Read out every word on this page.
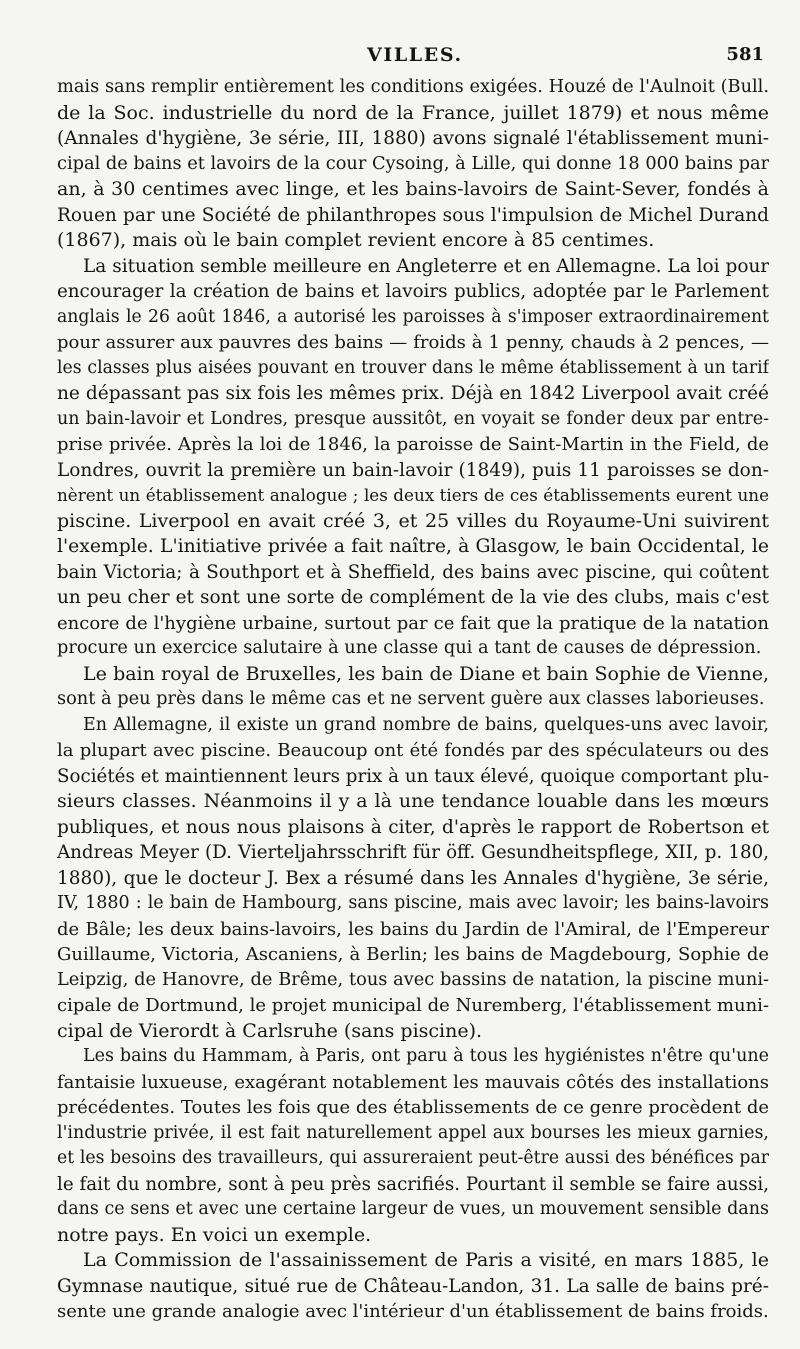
VILLES.	581
mais sans remplir entièrement les conditions exigées. Houzé de l'Aulnoit (Bull.
de la Soc. industrielle du nord de la France, juillet 1879) et nous même
(Annales d'hygiène, 3e série, III, 1880) avons signalé l'établissement muni-
cipal de bains et lavoirs de la cour Cysoing, à Lille, qui donne 18 000 bains par
an, à 30 centimes avec linge, et les bains-lavoirs de Saint-Sever, fondés à
Rouen par une Société de philanthropes sous l'impulsion de Michel Durand
(1867), mais où le bain complet revient encore à 85 centimes.
La situation semble meilleure en Angleterre et en Allemagne. La loi pour
encourager la création de bains et lavoirs publics, adoptée par le Parlement
anglais le 26 août 1846, a autorisé les paroisses à s'imposer extraordinairement
pour assurer aux pauvres des bains — froids à 1 penny, chauds à 2 pences, —
les classes plus aisées pouvant en trouver dans le même établissement à un tarif
ne dépassant pas six fois les mêmes prix. Déjà en 1842 Liverpool avait créé
un bain-lavoir et Londres, presque aussitôt, en voyait se fonder deux par entre-
prise privée. Après la loi de 1846, la paroisse de Saint-Martin in the Field, de
Londres, ouvrit la première un bain-lavoir (1849), puis 11 paroisses se don-
nèrent un établissement analogue ; les deux tiers de ces établissements eurent une
piscine. Liverpool en avait créé 3, et 25 villes du Royaume-Uni suivirent
l'exemple. L'initiative privée a fait naître, à Glasgow, le bain Occidental, le
bain Victoria; à Southport et à Sheffield, des bains avec piscine, qui coûtent
un peu cher et sont une sorte de complément de la vie des clubs, mais c'est
encore de l'hygiène urbaine, surtout par ce fait que la pratique de la natation
procure un exercice salutaire à une classe qui a tant de causes de dépression.
Le bain royal de Bruxelles, les bain de Diane et bain Sophie de Vienne,
sont à peu près dans le même cas et ne servent guère aux classes laborieuses.
En Allemagne, il existe un grand nombre de bains, quelques-uns avec lavoir,
la plupart avec piscine. Beaucoup ont été fondés par des spéculateurs ou des
Sociétés et maintiennent leurs prix à un taux élevé, quoique comportant plu-
sieurs classes. Néanmoins il y a là une tendance louable dans les mœurs
publiques, et nous nous plaisons à citer, d'après le rapport de Robertson et
Andreas Meyer (D. Vierteljahrsschrift für öff. Gesundheitspflege, XII, p. 180,
1880), que le docteur J. Bex a résumé dans les Annales d'hygiène, 3e série,
IV, 1880 : le bain de Hambourg, sans piscine, mais avec lavoir; les bains-lavoirs
de Bâle; les deux bains-lavoirs, les bains du Jardin de l'Amiral, de l'Empereur
Guillaume, Victoria, Ascaniens, à Berlin; les bains de Magdebourg, Sophie de
Leipzig, de Hanovre, de Brême, tous avec bassins de natation, la piscine muni-
cipale de Dortmund, le projet municipal de Nuremberg, l'établissement muni-
cipal de Vierordt à Carlsruhe (sans piscine).
Les bains du Hammam, à Paris, ont paru à tous les hygiénistes n'être qu'une
fantaisie luxueuse, exagérant notablement les mauvais côtés des installations
précédentes. Toutes les fois que des établissements de ce genre procèdent de
l'industrie privée, il est fait naturellement appel aux bourses les mieux garnies,
et les besoins des travailleurs, qui assureraient peut-être aussi des bénéfices par
le fait du nombre, sont à peu près sacrifiés. Pourtant il semble se faire aussi,
dans ce sens et avec une certaine largeur de vues, un mouvement sensible dans
notre pays. En voici un exemple.
La Commission de l'assainissement de Paris a visité, en mars 1885, le
Gymnase nautique, situé rue de Château-Landon, 31. La salle de bains pré-
sente une grande analogie avec l'intérieur d'un établissement de bains froids.
